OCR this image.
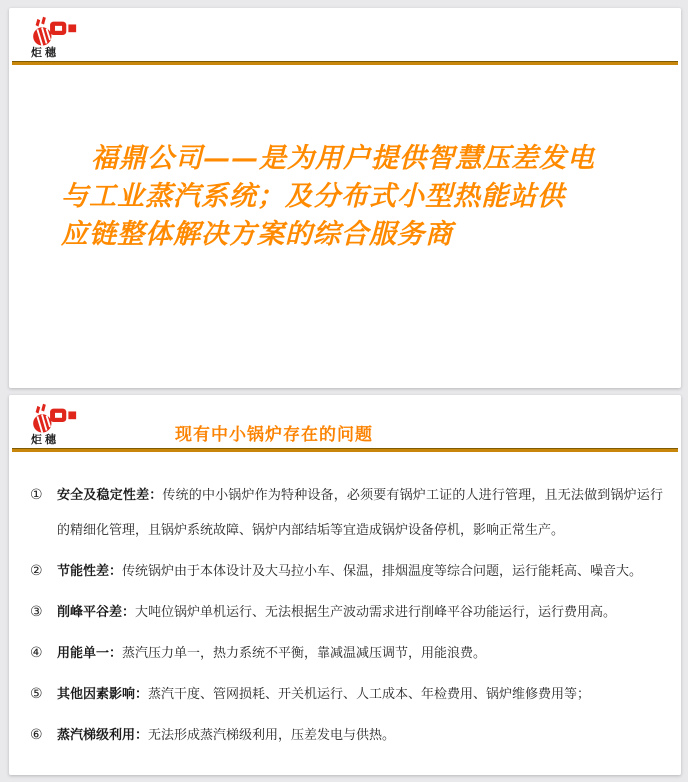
炬穗
福鼎公司——是为用户提供智慧压差发电
与工业蒸汽系统；及分布式小型热能站供
应链整体解决方案的综合服务商
炬穗	现有中小锅炉存在的问题
① 安全及稳定性差：传统的中小锅炉作为特种设备，必须要有锅炉工证的人进行管理，且无法做到锅炉运行的精细化管理，且锅炉系统故障、锅炉内部结垢等宜造成锅炉设备停机，影响正常生产。
② 节能性差：传统锅炉由于本体设计及大马拉小车、保温，排烟温度等综合问题，运行能耗高、噪音大。
③ 削峰平谷差：大吨位锅炉单机运行、无法根据生产波动需求进行削峰平谷功能运行，运行费用高。
④ 用能单一：蒸汽压力单一，热力系统不平衡，靠减温减压调节，用能浪费。
⑤ 其他因素影响：蒸汽干度、管网损耗、开关机运行、人工成本、年检费用、锅炉维修费用等；
⑥ 蒸汽梯级利用：无法形成蒸汽梯级利用，压差发电与供热。
